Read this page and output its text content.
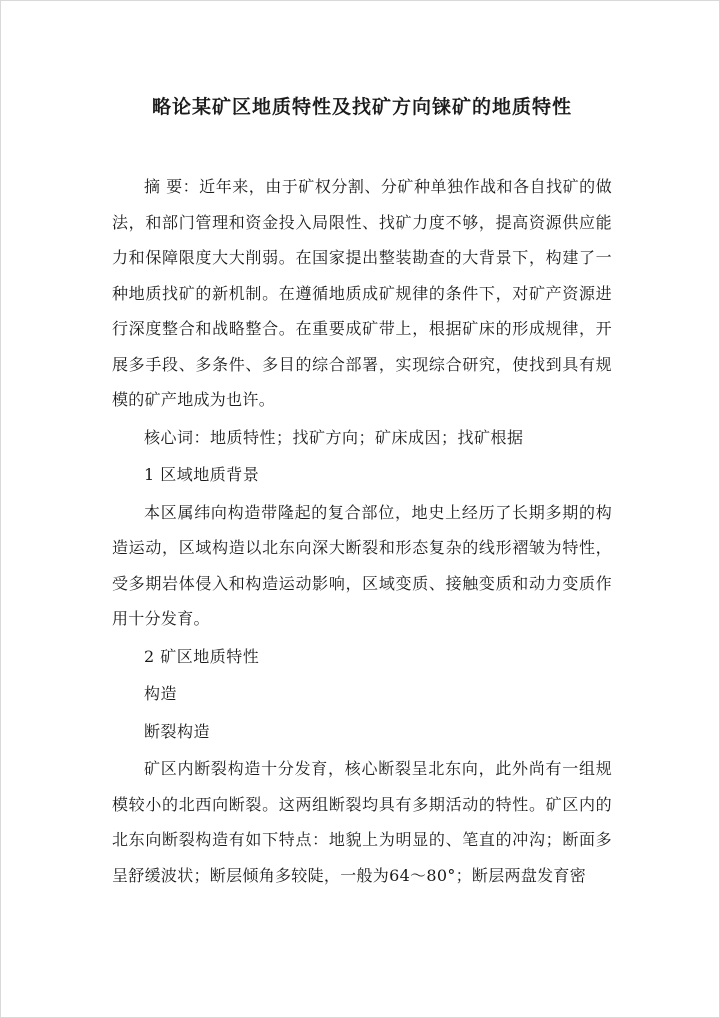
略论某矿区地质特性及找矿方向铼矿的地质特性

摘 要：近年来，由于矿权分割、分矿种单独作战和各自找矿的做法，和部门管理和资金投入局限性、找矿力度不够，提高资源供应能力和保障限度大大削弱。在国家提出整装勘查的大背景下，构建了一种地质找矿的新机制。在遵循地质成矿规律的条件下，对矿产资源进行深度整合和战略整合。在重要成矿带上，根据矿床的形成规律，开展多手段、多条件、多目的综合部署，实现综合研究，使找到具有规模的矿产地成为也许。

核心词：地质特性；找矿方向；矿床成因；找矿根据

1 区域地质背景

本区属纬向构造带隆起的复合部位，地史上经历了长期多期的构造运动，区域构造以北东向深大断裂和形态复杂的线形褶皱为特性，受多期岩体侵入和构造运动影响，区域变质、接触变质和动力变质作用十分发育。

2 矿区地质特性

构造

断裂构造

矿区内断裂构造十分发育，核心断裂呈北东向，此外尚有一组规模较小的北西向断裂。这两组断裂均具有多期活动的特性。矿区内的北东向断裂构造有如下特点：地貌上为明显的、笔直的冲沟；断面多呈舒缓波状；断层倾角多较陡，一般为64～80°；断层两盘发育密
